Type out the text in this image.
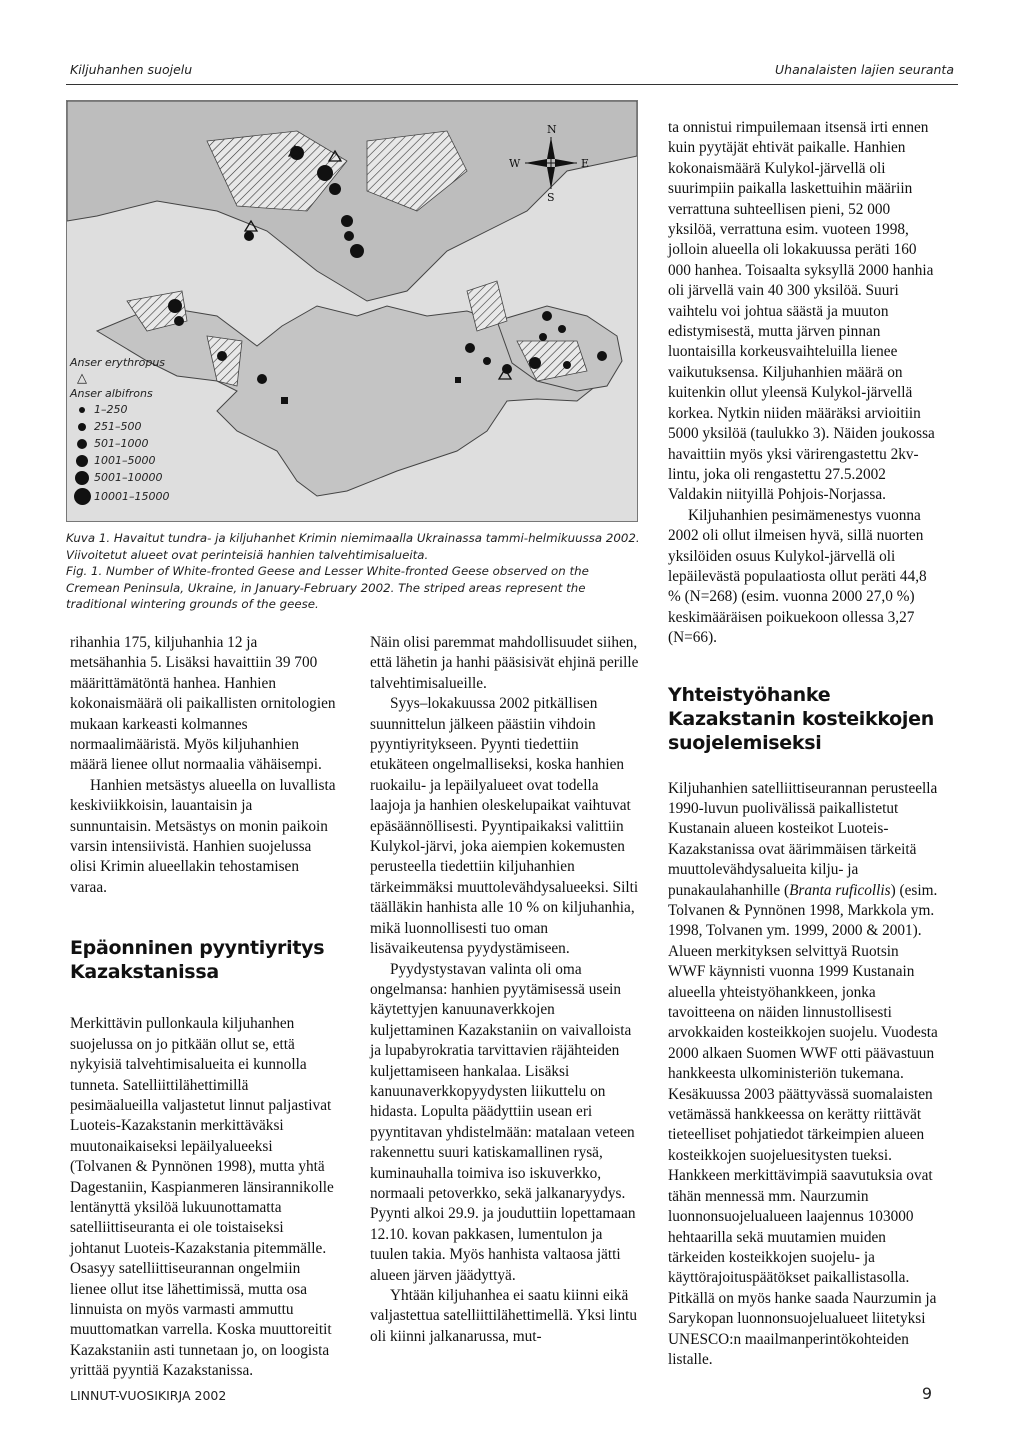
Kiljuhanhen suojelu	Uhanalaisten lajien seuranta
N
S
E
W

Anser erythropus

△

Anser albifrons

1–250
251–500
501–1000
1001–5000
5001–10000
10001–15000

Kuva 1. Havaitut tundra- ja kiljuhanhet Krimin niemimaalla Ukrainassa tammi-helmikuussa 2002. Viivoitetut alueet ovat perinteisiä hanhien talvehtimisalueita.

Fig. 1. Number of White-fronted Geese and Lesser White-fronted Geese observed on the Cremean Peninsula, Ukraine, in January-February 2002. The striped areas represent the traditional wintering grounds of the geese.

rihanhia 175, kiljuhanhia 12 ja metsähanhia 5. Lisäksi havaittiin 39 700 määrittämätöntä hanhea. Hanhien kokonaismäärä oli paikallisten ornitologien mukaan karkeasti kolmannes normaalimääristä. Myös kiljuhanhien määrä lienee ollut normaalia vähäisempi.

Hanhien metsästys alueella on luvallista keskiviikkoisin, lauantaisin ja sunnuntaisin. Metsästys on monin paikoin varsin intensiivistä. Hanhien suojelussa olisi Krimin alueellakin tehostamisen varaa.

Epäonninen pyyntiyritys Kazakstanissa

Merkittävin pullonkaula kiljuhanhen suojelussa on jo pitkään ollut se, että nykyisiä talvehtimisalueita ei kunnolla tunneta. Satelliittilähettimillä pesimäalueilla valjastetut linnut paljastivat Luoteis-Kazakstanin merkittäväksi muutonaikaiseksi lepäilyalueeksi (Tolvanen & Pynnönen 1998), mutta yhtä Dagestaniin, Kaspianmeren länsirannikolle lentänyttä yksilöä lukuunottamatta satelliittiseuranta ei ole toistaiseksi johtanut Luoteis-Kazakstania pitemmälle. Osasyy satelliittiseurannan ongelmiin lienee ollut itse lähettimissä, mutta osa linnuista on myös varmasti ammuttu muuttomatkan varrella. Koska muuttoreitit Kazakstaniin asti tunnetaan jo, on loogista yrittää pyyntiä Kazakstanissa.

Näin olisi paremmat mahdollisuudet siihen, että lähetin ja hanhi pääsisivät ehjinä perille talvehtimisalueille.

Syys–lokakuussa 2002 pitkällisen suunnittelun jälkeen päästiin vihdoin pyyntiyritykseen. Pyynti tiedettiin etukäteen ongelmalliseksi, koska hanhien ruokailu- ja lepäilyalueet ovat todella laajoja ja hanhien oleskelupaikat vaihtuvat epäsäännöllisesti. Pyyntipaikaksi valittiin Kulykol-järvi, joka aiempien kokemusten perusteella tiedettiin kiljuhanhien tärkeimmäksi muuttolevähdysalueeksi. Silti täälläkin hanhista alle 10 % on kiljuhanhia, mikä luonnollisesti tuo oman lisävaikeutensa pyydystämiseen.

Pyydystystavan valinta oli oma ongelmansa: hanhien pyytämisessä usein käytettyjen kanuunaverkkojen kuljettaminen Kazakstaniin on vaivalloista ja lupabyrokratia tarvittavien räjähteiden kuljettamiseen hankalaa. Lisäksi kanuunaverkkopyydysten liikuttelu on hidasta. Lopulta päädyttiin usean eri pyyntitavan yhdistelmään: matalaan veteen rakennettu suuri katiskamallinen rysä, kuminauhalla toimiva iso iskuverkko, normaali petoverkko, sekä jalkanaryydys. Pyynti alkoi 29.9. ja jouduttiin lopettamaan 12.10. kovan pakkasen, lumentulon ja tuulen takia. Myös hanhista valtaosa jätti alueen järven jäädyttyä.

Yhtään kiljuhanhea ei saatu kiinni eikä valjastettua satelliittilähettimellä. Yksi lintu oli kiinni jalkanarussa, mut-

ta onnistui rimpuilemaan itsensä irti ennen kuin pyytäjät ehtivät paikalle. Hanhien kokonaismäärä Kulykol-järvellä oli suurimpiin paikalla laskettuihin määriin verrattuna suhteellisen pieni, 52 000 yksilöä, verrattuna esim. vuoteen 1998, jolloin alueella oli lokakuussa peräti 160 000 hanhea. Toisaalta syksyllä 2000 hanhia oli järvellä vain 40 300 yksilöä. Suuri vaihtelu voi johtua säästä ja muuton edistymisestä, mutta järven pinnan luontaisilla korkeusvaihteluilla lienee vaikutuksensa. Kiljuhanhien määrä on kuitenkin ollut yleensä Kulykol-järvellä korkea. Nytkin niiden määräksi arvioitiin 5000 yksilöä (taulukko 3). Näiden joukossa havaittiin myös yksi värirengastettu 2kv-lintu, joka oli rengastettu 27.5.2002 Valdakin niityillä Pohjois-Norjassa.

Kiljuhanhien pesimämenestys vuonna 2002 oli ollut ilmeisen hyvä, sillä nuorten yksilöiden osuus Kulykol-järvellä oli lepäilevästä populaatiosta ollut peräti 44,8 % (N=268) (esim. vuonna 2000 27,0 %) keskimääräisen poikuekoon ollessa 3,27 (N=66).

Yhteistyöhanke Kazakstanin kosteikkojen suojelemiseksi

Kiljuhanhien satelliittiseurannan perusteella 1990-luvun puolivälissä paikallistetut Kustanain alueen kosteikot Luoteis-Kazakstanissa ovat äärimmäisen tärkeitä muuttolevähdysalueita kilju- ja punakaulahanhille (Branta ruficollis) (esim. Tolvanen & Pynnönen 1998, Markkola ym. 1998, Tolvanen ym. 1999, 2000 & 2001). Alueen merkityksen selvittyä Ruotsin WWF käynnisti vuonna 1999 Kustanain alueella yhteistyöhankkeen, jonka tavoitteena on näiden linnustollisesti arvokkaiden kosteikkojen suojelu. Vuodesta 2000 alkaen Suomen WWF otti päävastuun hankkeesta ulkoministeriön tukemana. Kesäkuussa 2003 päättyvässä suomalaisten vetämässä hankkeessa on kerätty riittävät tieteelliset pohjatiedot tärkeimpien alueen kosteikkojen suojeluesitysten tueksi. Hankkeen merkittävimpiä saavutuksia ovat tähän mennessä mm. Naurzumin luonnonsuojelualueen laajennus 103000 hehtaarilla sekä muutamien muiden tärkeiden kosteikkojen suojelu- ja käyttörajoituspäätökset paikallistasolla. Pitkällä on myös hanke saada Naurzumin ja Sarykopan luonnonsuojelualueet liitetyksi UNESCO:n maailmanperintökohteiden listalle.

LINNUT-VUOSIKIRJA 2002	9
